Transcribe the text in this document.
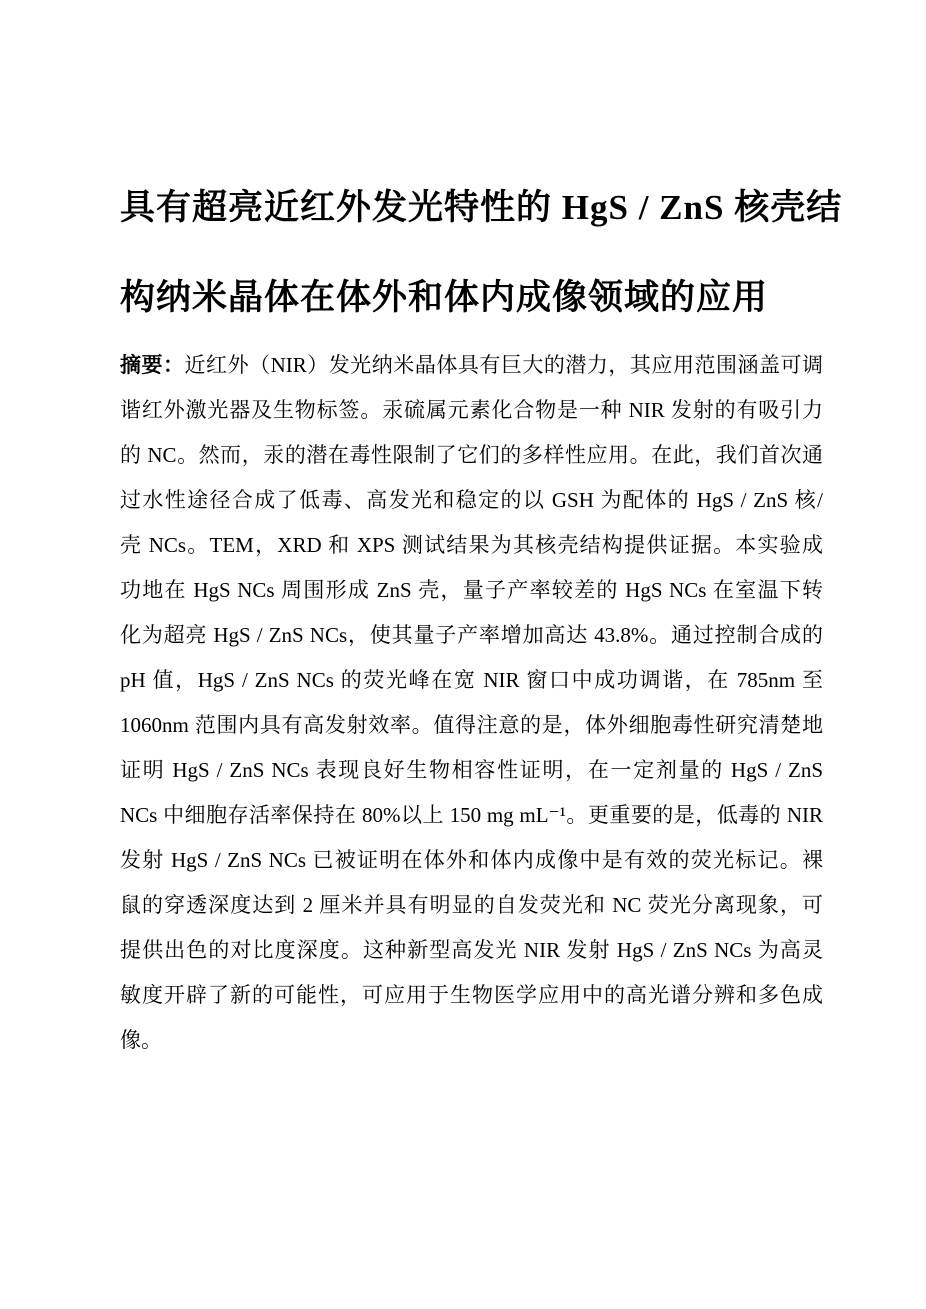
具有超亮近红外发光特性的 HgS / ZnS 核壳结
构纳米晶体在体外和体内成像领域的应用
摘要：近红外（NIR）发光纳米晶体具有巨大的潜力，其应用范围涵盖可调
谐红外激光器及生物标签。汞硫属元素化合物是一种 NIR 发射的有吸引力
的 NC。然而，汞的潜在毒性限制了它们的多样性应用。在此，我们首次通
过水性途径合成了低毒、高发光和稳定的以 GSH 为配体的 HgS / ZnS 核/
壳 NCs。TEM，XRD 和 XPS 测试结果为其核壳结构提供证据。本实验成
功地在 HgS NCs 周围形成 ZnS 壳，量子产率较差的 HgS NCs 在室温下转
化为超亮 HgS / ZnS NCs，使其量子产率增加高达 43.8%。通过控制合成的
pH 值，HgS / ZnS NCs 的荧光峰在宽 NIR 窗口中成功调谐，在 785nm 至
1060nm 范围内具有高发射效率。值得注意的是，体外细胞毒性研究清楚地
证明 HgS / ZnS NCs 表现良好生物相容性证明，在一定剂量的 HgS / ZnS
NCs 中细胞存活率保持在 80%以上 150 mg mL⁻¹。更重要的是，低毒的 NIR
发射 HgS / ZnS NCs 已被证明在体外和体内成像中是有效的荧光标记。裸
鼠的穿透深度达到 2 厘米并具有明显的自发荧光和 NC 荧光分离现象，可
提供出色的对比度深度。这种新型高发光 NIR 发射 HgS / ZnS NCs 为高灵
敏度开辟了新的可能性，可应用于生物医学应用中的高光谱分辨和多色成
像。
